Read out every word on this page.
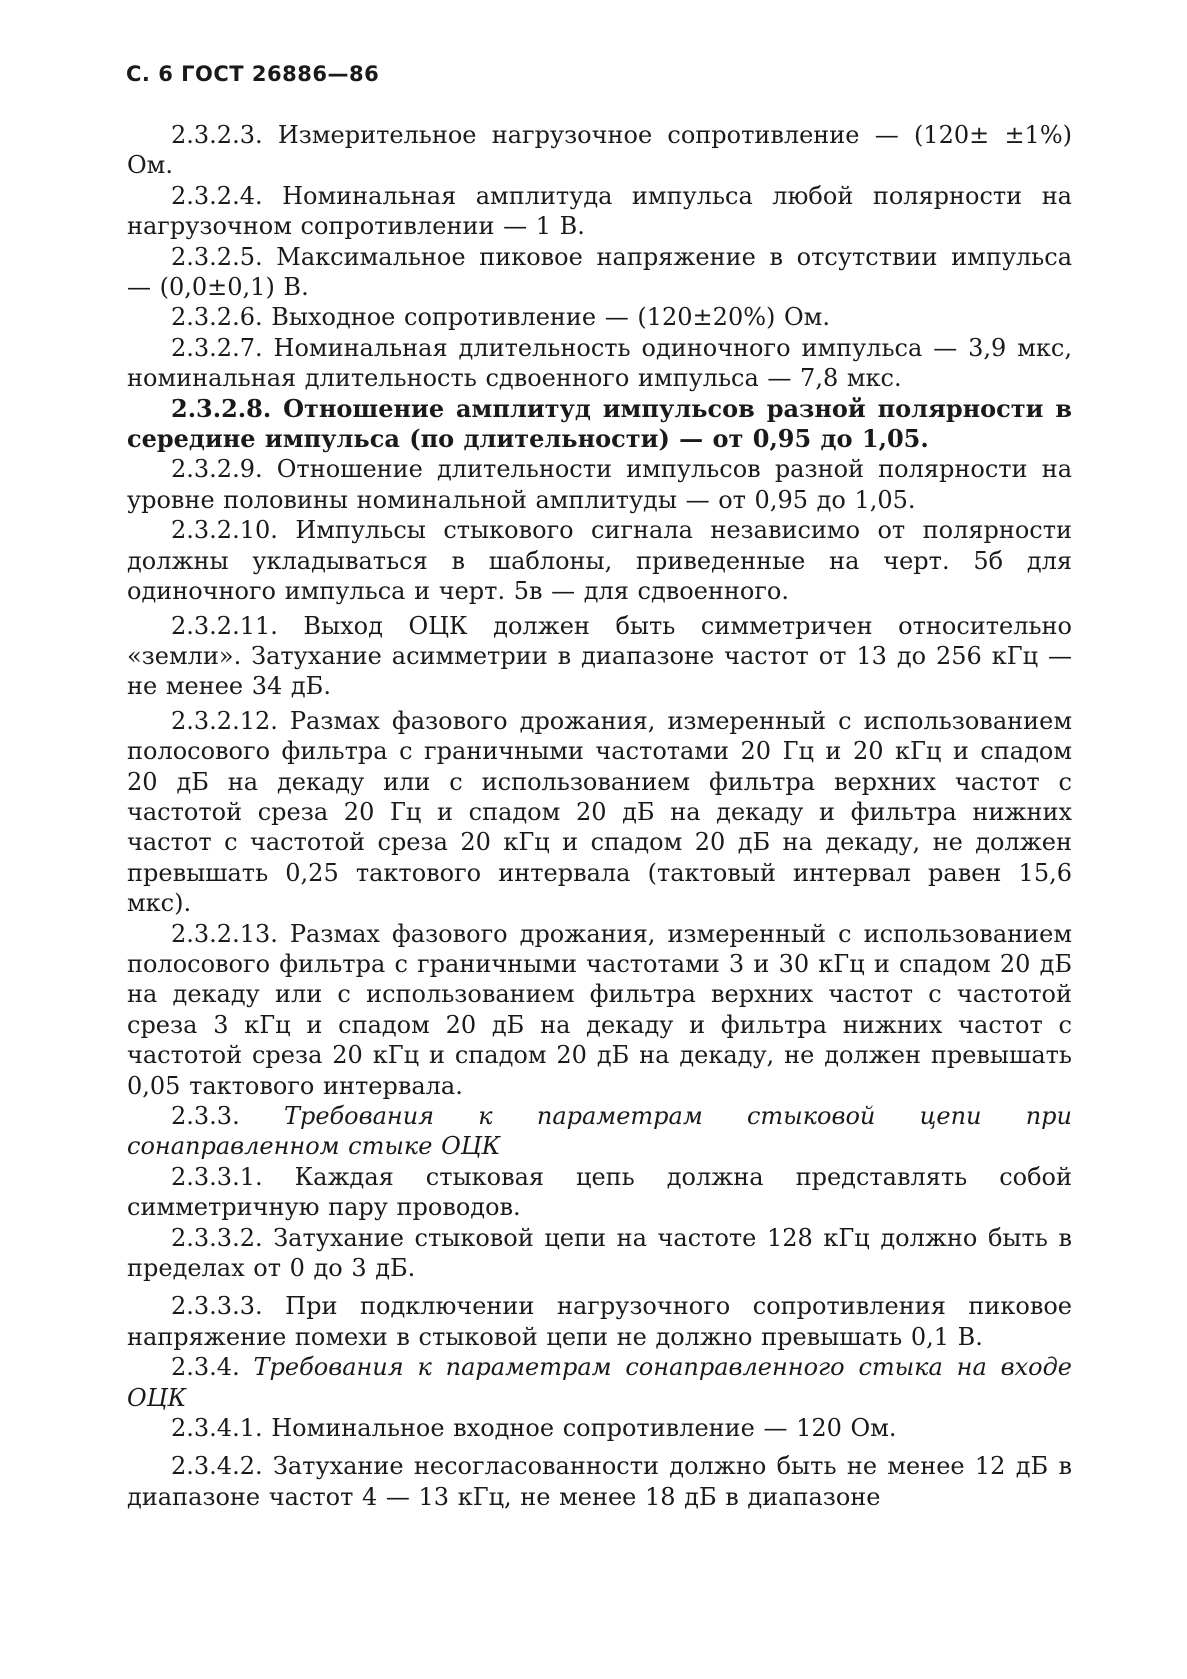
С. 6 ГОСТ 26886—86

2.3.2.3. Измерительное нагрузочное сопротивление — (120± ±1%) Ом.

2.3.2.4. Номинальная амплитуда импульса любой полярности на нагрузочном сопротивлении — 1 В.

2.3.2.5. Максимальное пиковое напряжение в отсутствии импульса — (0,0±0,1) В.

2.3.2.6. Выходное сопротивление — (120±20%) Ом.

2.3.2.7. Номинальная длительность одиночного импульса — 3,9 мкс, номинальная длительность сдвоенного импульса — 7,8 мкс.

2.3.2.8. Отношение амплитуд импульсов разной полярности в середине импульса (по длительности) — от 0,95 до 1,05.

2.3.2.9. Отношение длительности импульсов разной полярности на уровне половины номинальной амплитуды — от 0,95 до 1,05.

2.3.2.10. Импульсы стыкового сигнала независимо от полярности должны укладываться в шаблоны, приведенные на черт. 5б для одиночного импульса и черт. 5в — для сдвоенного.

2.3.2.11. Выход ОЦК должен быть симметричен относительно «земли». Затухание асимметрии в диапазоне частот от 13 до 256 кГц — не менее 34 дБ.

2.3.2.12. Размах фазового дрожания, измеренный с использованием полосового фильтра с граничными частотами 20 Гц и 20 кГц и спадом 20 дБ на декаду или с использованием фильтра верхних частот с частотой среза 20 Гц и спадом 20 дБ на декаду и фильтра нижних частот с частотой среза 20 кГц и спадом 20 дБ на декаду, не должен превышать 0,25 тактового интервала (тактовый интервал равен 15,6 мкс).

2.3.2.13. Размах фазового дрожания, измеренный с использованием полосового фильтра с граничными частотами 3 и 30 кГц и спадом 20 дБ на декаду или с использованием фильтра верхних частот с частотой среза 3 кГц и спадом 20 дБ на декаду и фильтра нижних частот с частотой среза 20 кГц и спадом 20 дБ на декаду, не должен превышать 0,05 тактового интервала.

2.3.3. Требования к параметрам стыковой цепи при сонаправленном стыке ОЦК

2.3.3.1. Каждая стыковая цепь должна представлять собой симметричную пару проводов.

2.3.3.2. Затухание стыковой цепи на частоте 128 кГц должно быть в пределах от 0 до 3 дБ.

2.3.3.3. При подключении нагрузочного сопротивления пиковое напряжение помехи в стыковой цепи не должно превышать 0,1 В.

2.3.4. Требования к параметрам сонаправленного стыка на входе ОЦК

2.3.4.1. Номинальное входное сопротивление — 120 Ом.

2.3.4.2. Затухание несогласованности должно быть не менее 12 дБ в диапазоне частот 4 — 13 кГц, не менее 18 дБ в диапазоне
